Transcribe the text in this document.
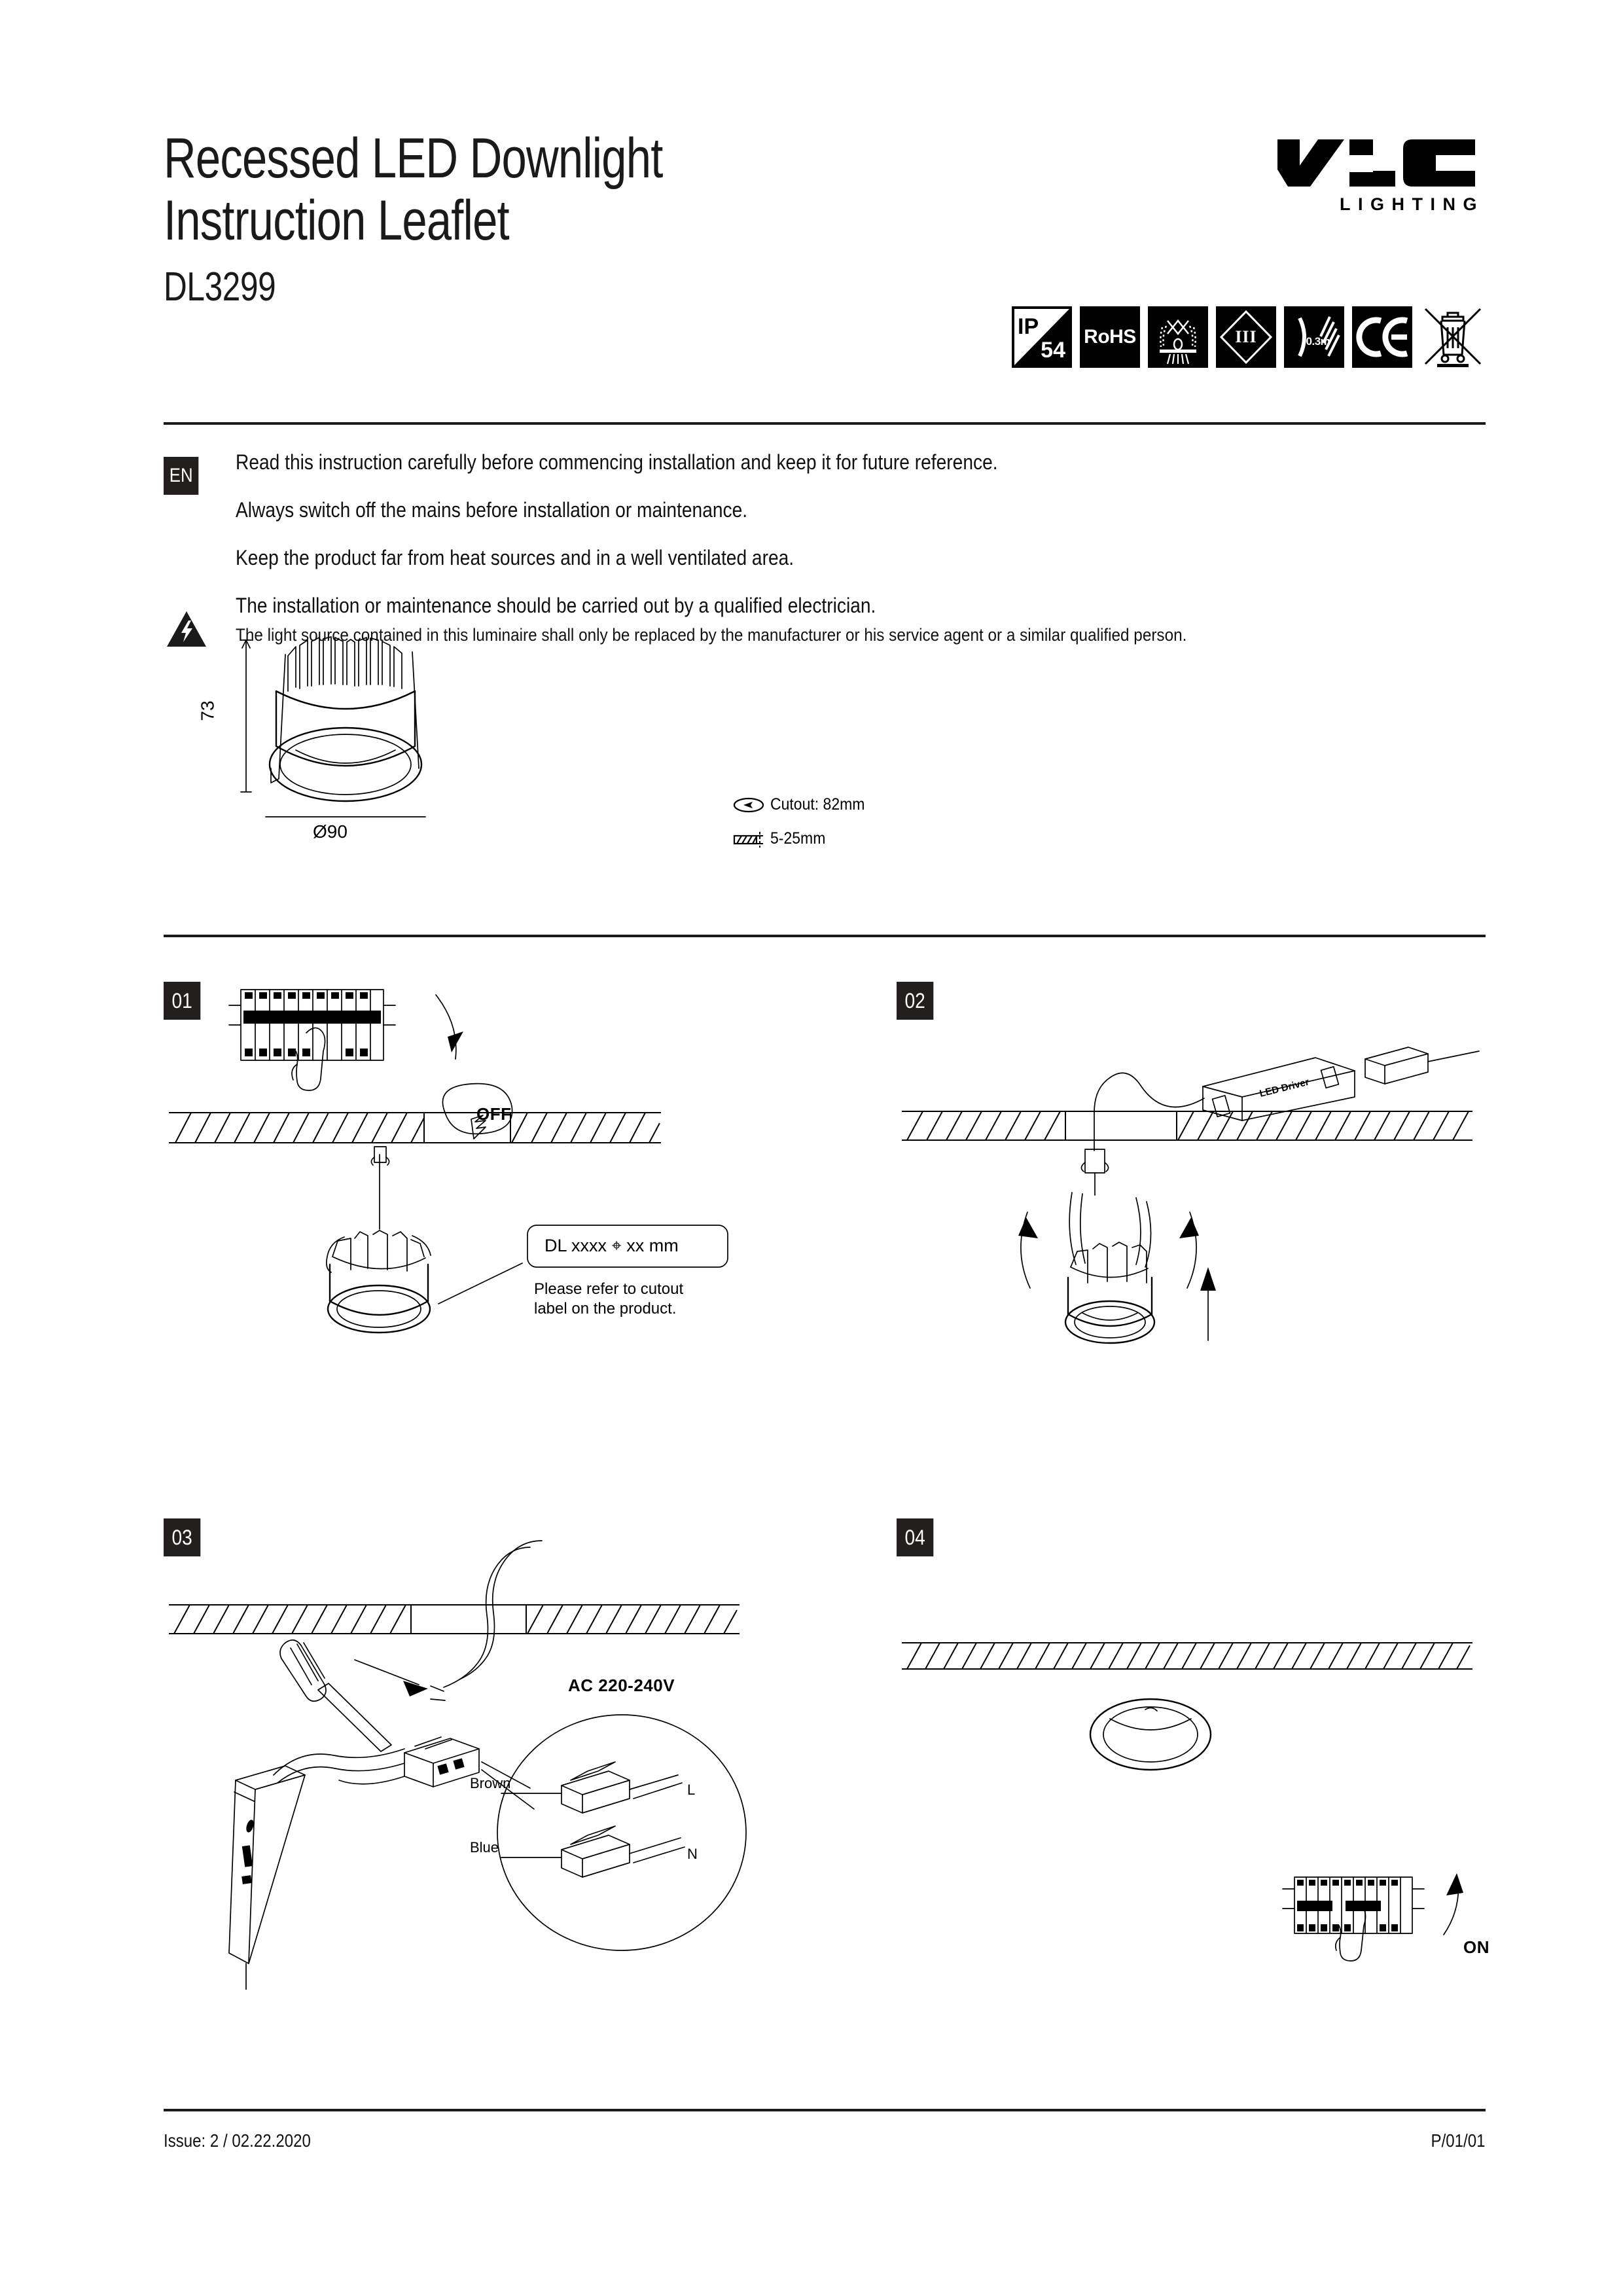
Recessed LED Downlight
Instruction Leaflet
DL3299
LIGHTING
IP
54
RoHS	III	-0.3m
EN
Read this instruction carefully before commencing installation and keep it for future reference.
Always switch off the mains before installation or maintenance.
Keep the product far from heat sources and in a well ventilated area.
The installation or maintenance should be carried out by a qualified electrician.
The light source contained in this luminaire shall only be replaced by the manufacturer or his service agent or a similar qualified person.
73
Ø90
Cutout: 82mm
5-25mm
01
OFF
DL xxxx ⌖ xx mm
Please refer to cutout
label on the product.
02
LED Driver
03
AC 220-240V
Brown
Blue
L
N
04
ON
Issue: 2 / 02.22.2020	P/01/01
